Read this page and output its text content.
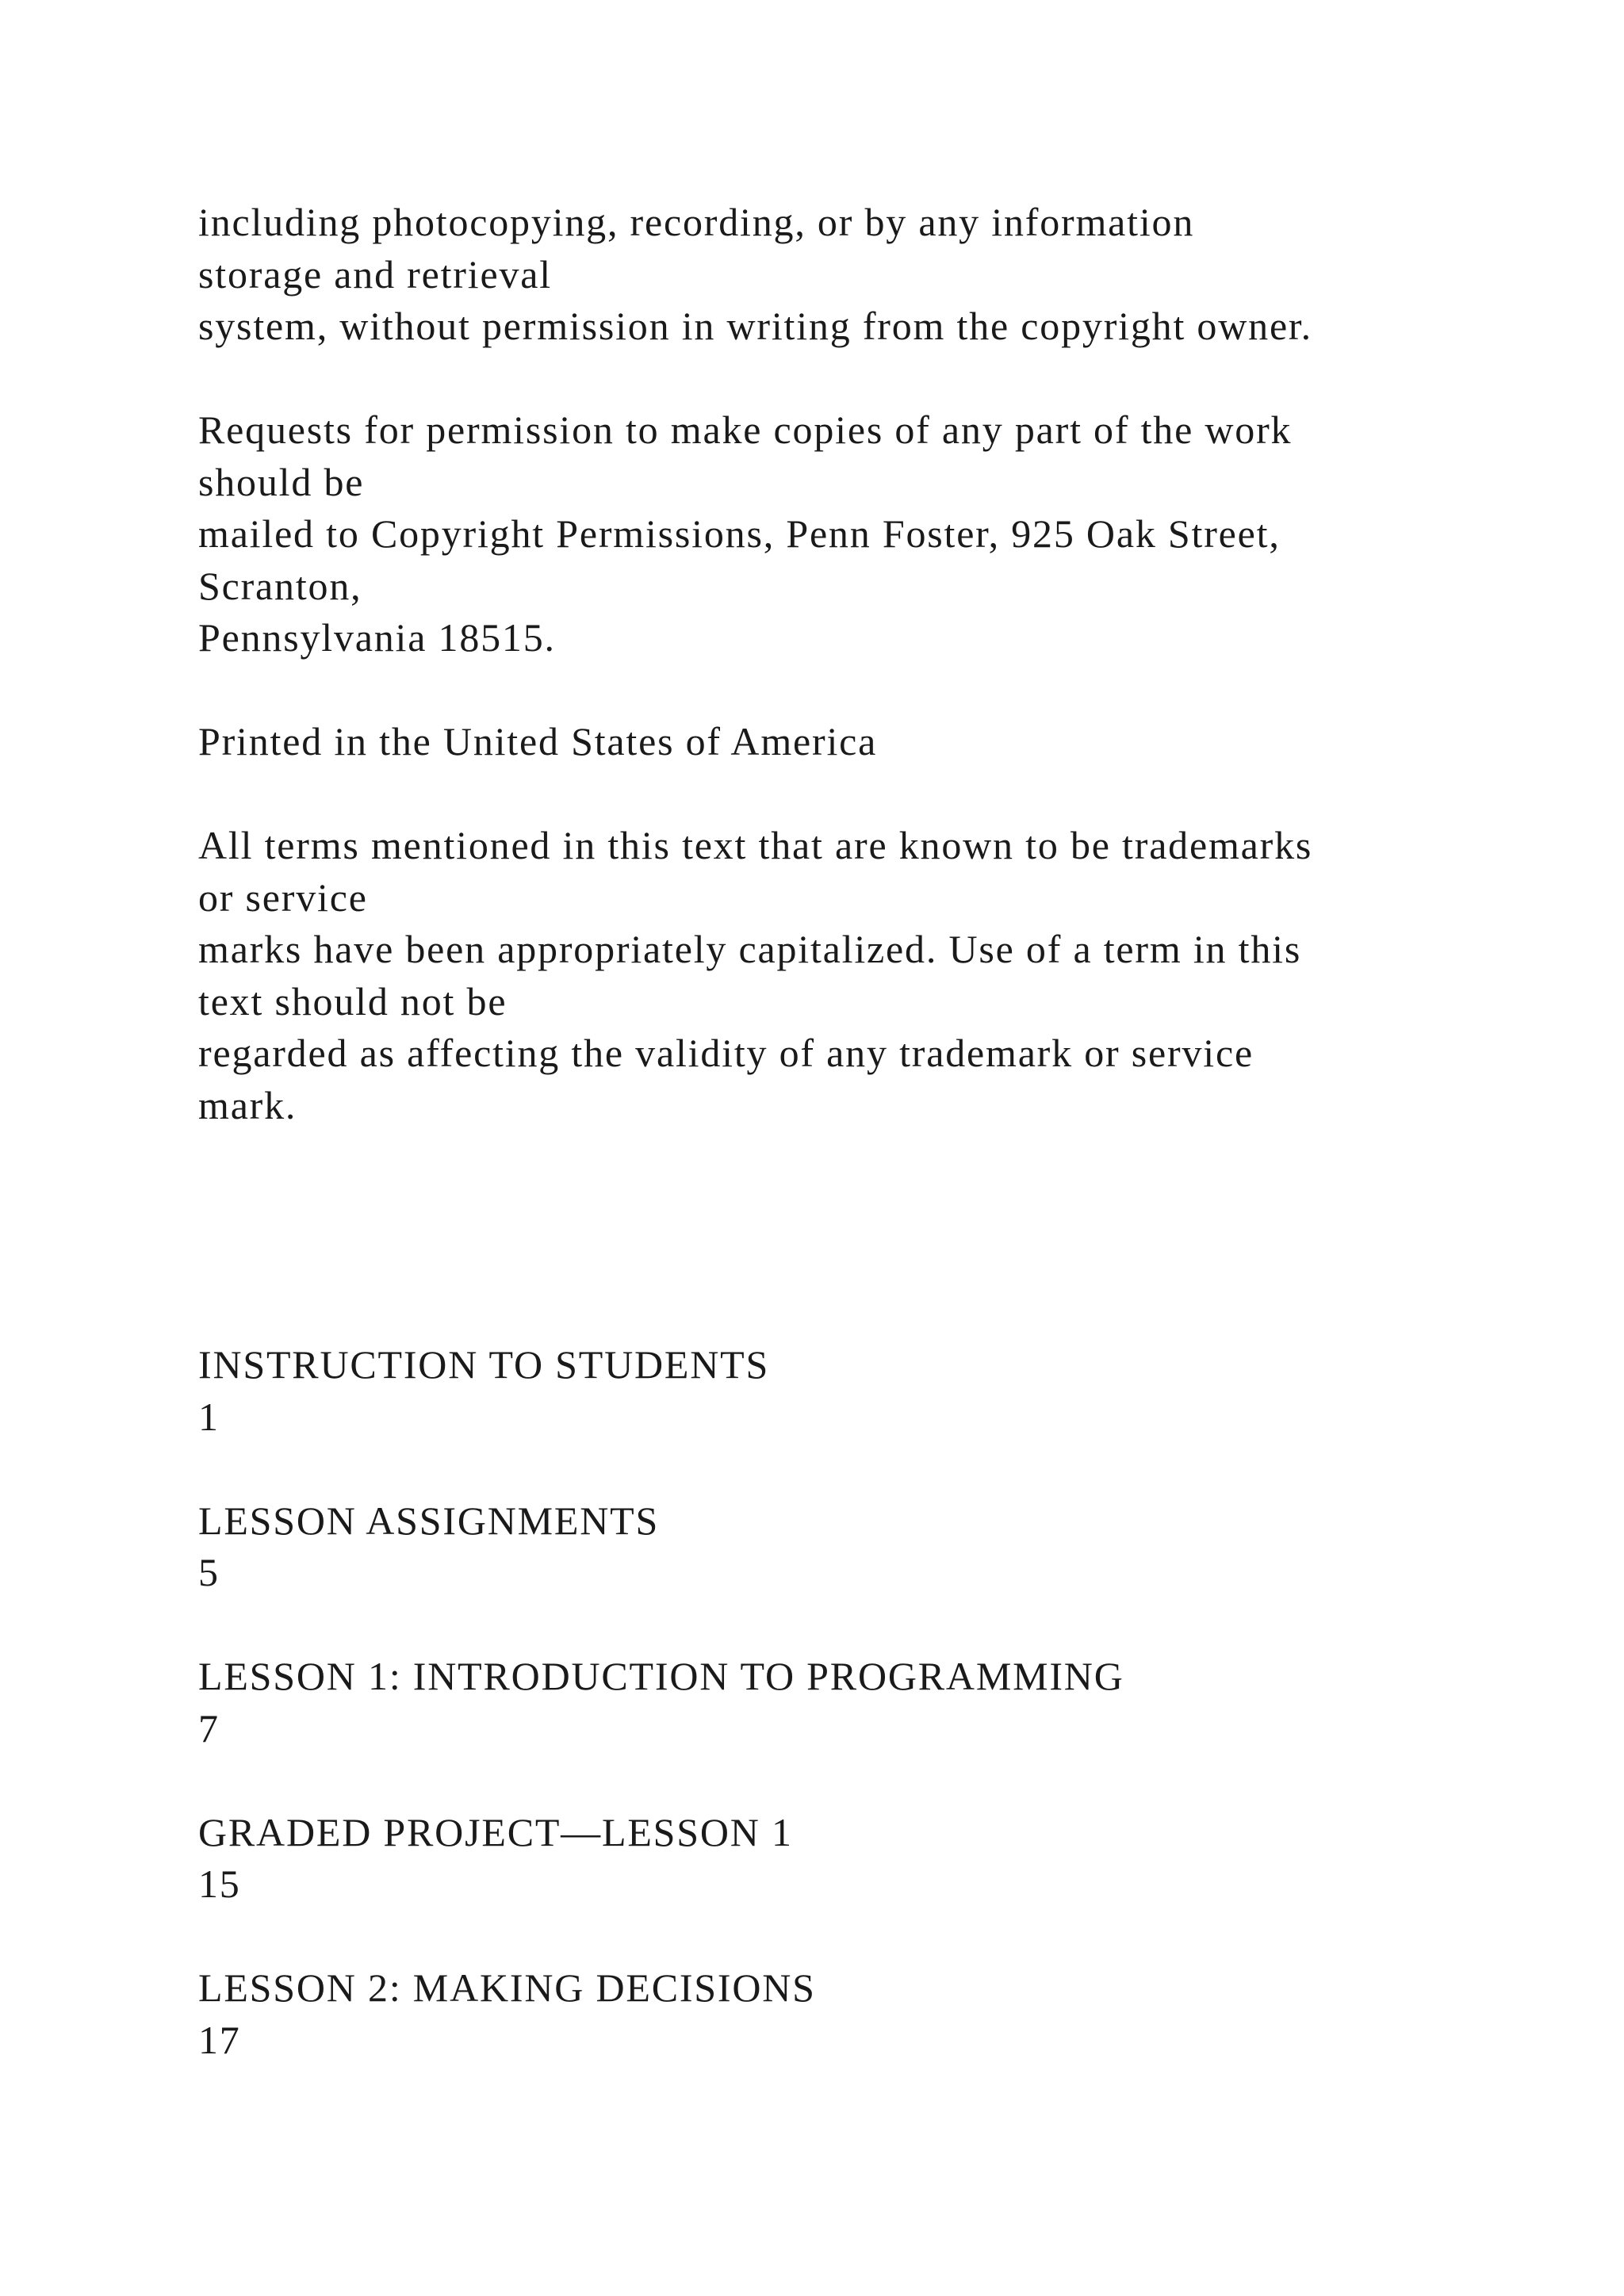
including photocopying, recording, or by any information
storage and retrieval
system, without permission in writing from the copyright owner.
Requests for permission to make copies of any part of the work
should be
mailed to Copyright Permissions, Penn Foster, 925 Oak Street,
Scranton,
Pennsylvania 18515.
Printed in the United States of America
All terms mentioned in this text that are known to be trademarks
or service
marks have been appropriately capitalized. Use of a term in this
text should not be
regarded as affecting the validity of any trademark or service
mark.
INSTRUCTION TO STUDENTS
1
LESSON ASSIGNMENTS
5
LESSON 1: INTRODUCTION TO PROGRAMMING
7
GRADED PROJECT—LESSON 1
15
LESSON 2: MAKING DECISIONS
17
